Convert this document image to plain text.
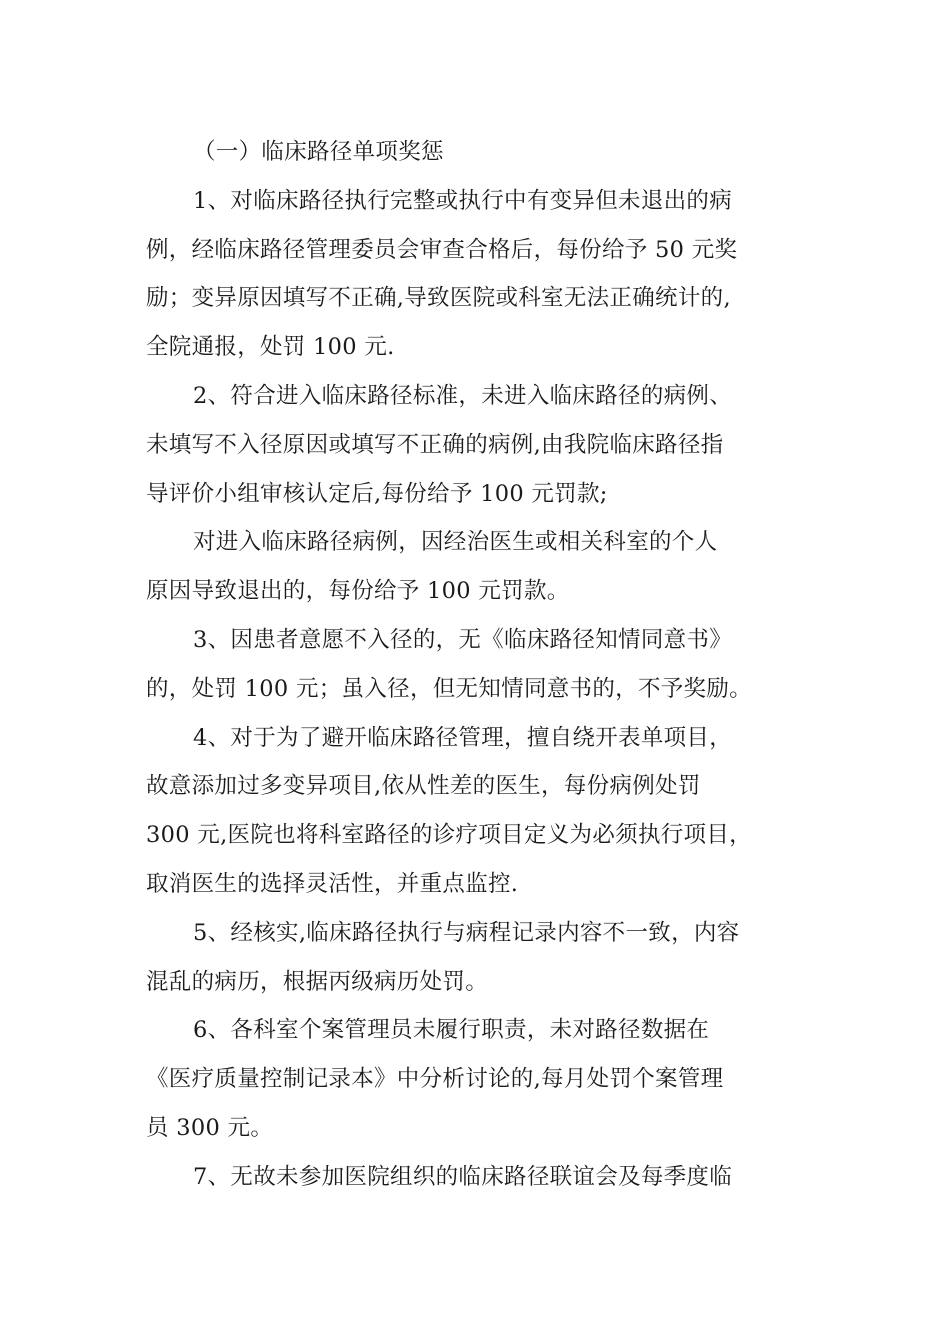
（一）临床路径单项奖惩
1、对临床路径执行完整或执行中有变异但未退出的病
例，经临床路径管理委员会审查合格后，每份给予 50 元奖
励；变异原因填写不正确,导致医院或科室无法正确统计的,
全院通报，处罚 100 元.
2、符合进入临床路径标准，未进入临床路径的病例、
未填写不入径原因或填写不正确的病例,由我院临床路径指
导评价小组审核认定后,每份给予 100 元罚款;
对进入临床路径病例，因经治医生或相关科室的个人
原因导致退出的，每份给予 100 元罚款。
3、因患者意愿不入径的，无《临床路径知情同意书》
的，处罚 100 元；虽入径，但无知情同意书的，不予奖励。
4、对于为了避开临床路径管理，擅自绕开表单项目，
故意添加过多变异项目,依从性差的医生，每份病例处罚
300 元,医院也将科室路径的诊疗项目定义为必须执行项目，
取消医生的选择灵活性，并重点监控.
5、经核实,临床路径执行与病程记录内容不一致，内容
混乱的病历，根据丙级病历处罚。
6、各科室个案管理员未履行职责，未对路径数据在
《医疗质量控制记录本》中分析讨论的,每月处罚个案管理
员 300 元。
7、无故未参加医院组织的临床路径联谊会及每季度临
